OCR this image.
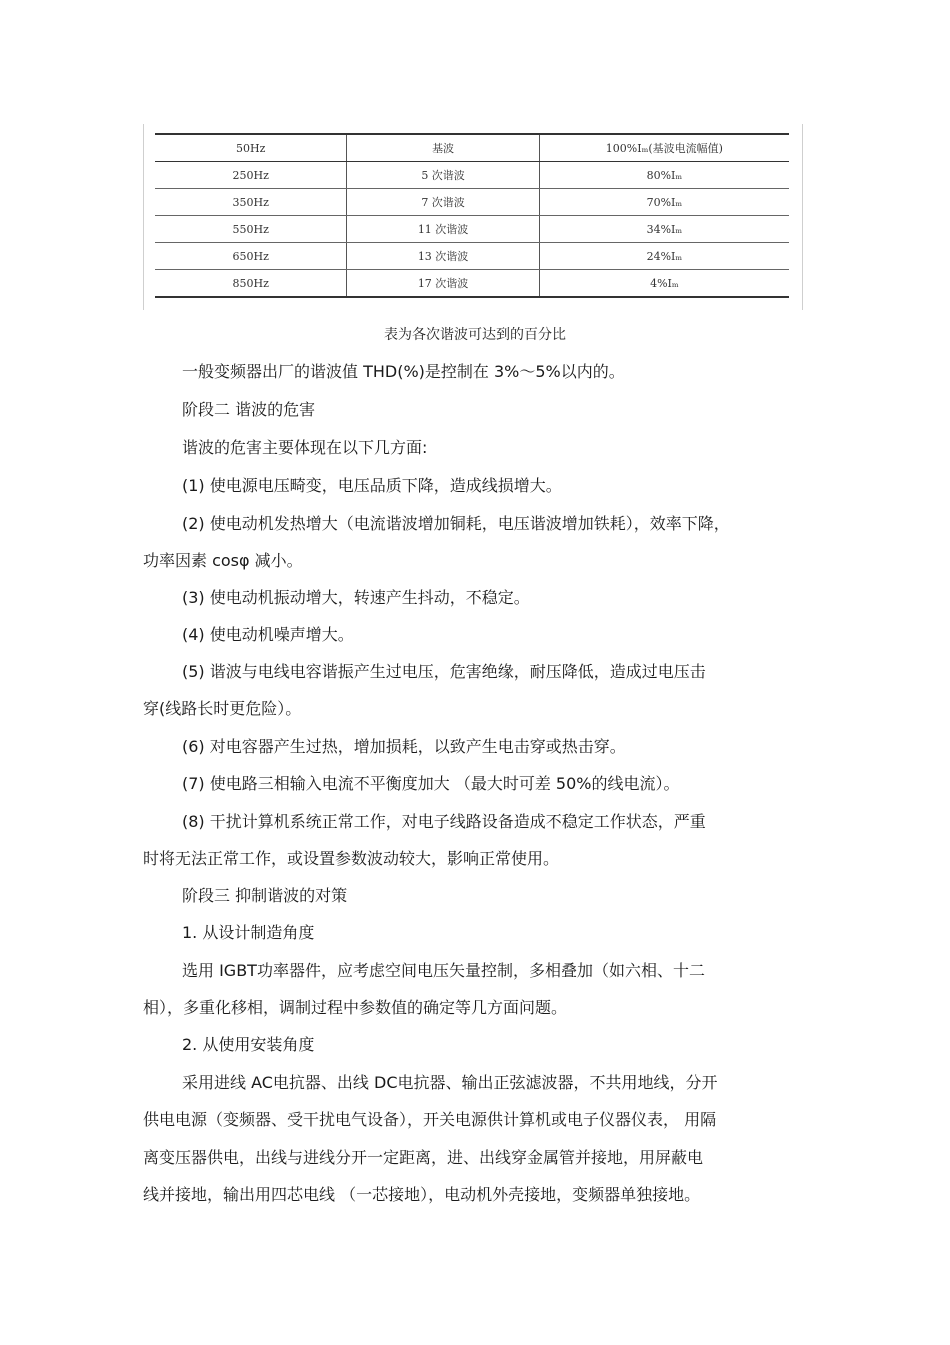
50Hz	基波	100%Iₘ(基波电流幅值)
250Hz	5 次谐波	80%Iₘ
350Hz	7 次谐波	70%Iₘ
550Hz	11 次谐波	34%Iₘ
650Hz	13 次谐波	24%Iₘ
850Hz	17 次谐波	4%Iₘ
表为各次谐波可达到的百分比
一般变频器出厂的谐波值 THD(%)是控制在 3%～5%以内的。
阶段二 谐波的危害
谐波的危害主要体现在以下几方面:
(1) 使电源电压畸变，电压品质下降，造成线损增大。
(2) 使电动机发热增大（电流谐波增加铜耗，电压谐波增加铁耗），效率下降，
功率因素 cosφ 减小。
(3) 使电动机振动增大，转速产生抖动，不稳定。
(4) 使电动机噪声增大。
(5) 谐波与电线电容谐振产生过电压，危害绝缘，耐压降低，造成过电压击
穿(线路长时更危险）。
(6) 对电容器产生过热，增加损耗，以致产生电击穿或热击穿。
(7) 使电路三相输入电流不平衡度加大 （最大时可差 50%的线电流）。
(8) 干扰计算机系统正常工作，对电子线路设备造成不稳定工作状态，严重
时将无法正常工作，或设置参数波动较大，影响正常使用。
阶段三 抑制谐波的对策
1. 从设计制造角度
选用 IGBT功率器件，应考虑空间电压矢量控制，多相叠加（如六相、十二
相），多重化移相，调制过程中参数值的确定等几方面问题。
2. 从使用安装角度
采用进线 AC电抗器、出线 DC电抗器、输出正弦滤波器，不共用地线，分开
供电电源（变频器、受干扰电气设备），开关电源供计算机或电子仪器仪表， 用隔
离变压器供电，出线与进线分开一定距离，进、出线穿金属管并接地，用屏蔽电
线并接地，输出用四芯电线 （一芯接地），电动机外壳接地，变频器单独接地。
